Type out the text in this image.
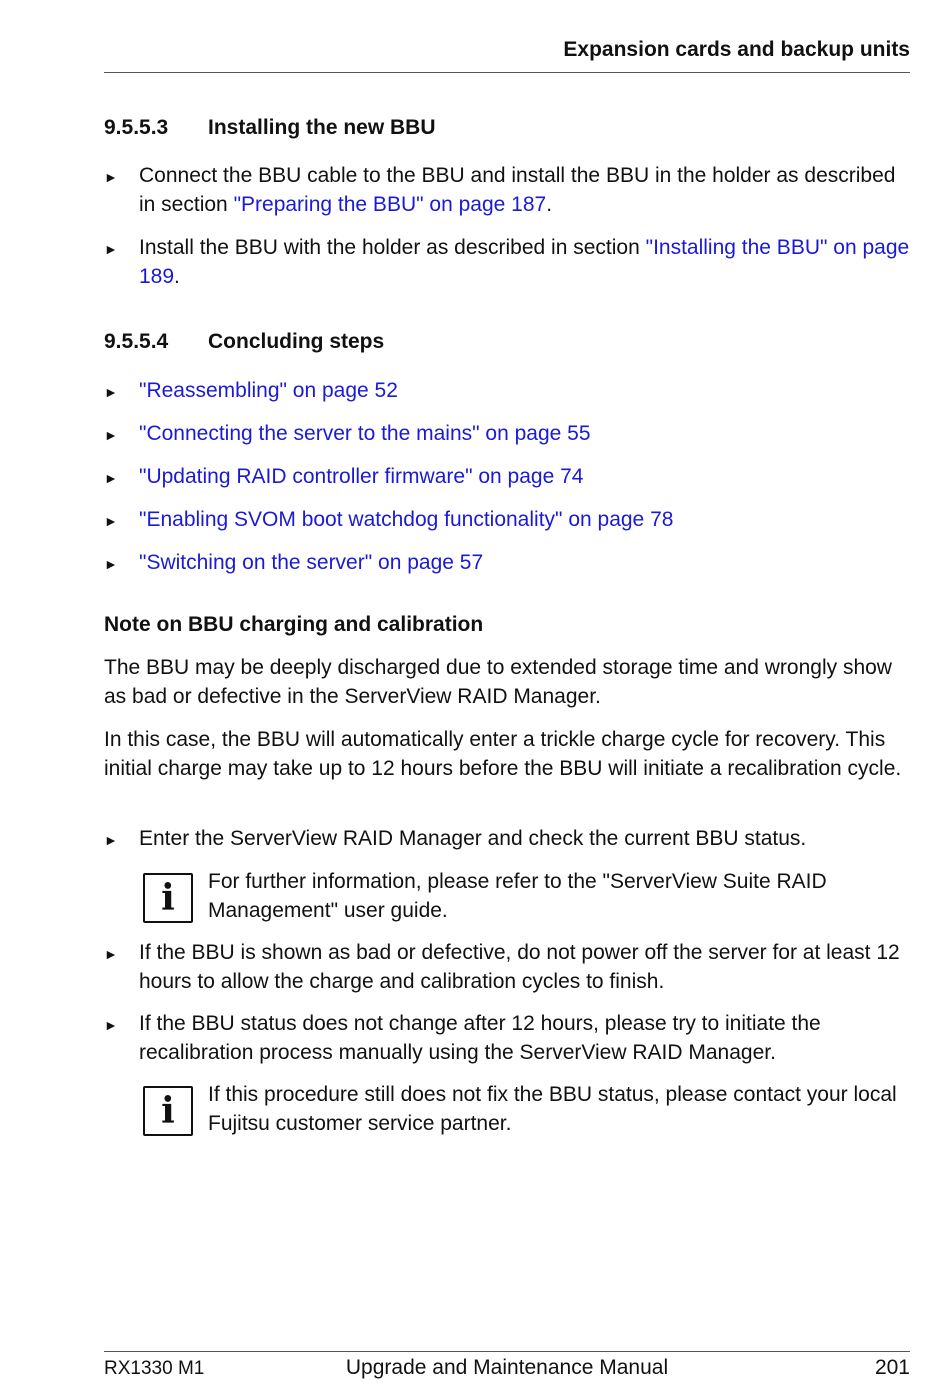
Expansion cards and backup units
9.5.5.3 Installing the new BBU
► Connect the BBU cable to the BBU and install the BBU in the holder as described in section "Preparing the BBU" on page 187.
► Install the BBU with the holder as described in section "Installing the BBU" on page 189.
9.5.5.4 Concluding steps
► "Reassembling" on page 52
► "Connecting the server to the mains" on page 55
► "Updating RAID controller firmware" on page 74
► "Enabling SVOM boot watchdog functionality" on page 78
► "Switching on the server" on page 57
Note on BBU charging and calibration
The BBU may be deeply discharged due to extended storage time and wrongly show as bad or defective in the ServerView RAID Manager.
In this case, the BBU will automatically enter a trickle charge cycle for recovery. This initial charge may take up to 12 hours before the BBU will initiate a recalibration cycle.
► Enter the ServerView RAID Manager and check the current BBU status.
i	For further information, please refer to the "ServerView Suite RAID Management" user guide.
► If the BBU is shown as bad or defective, do not power off the server for at least 12 hours to allow the charge and calibration cycles to finish.
► If the BBU status does not change after 12 hours, please try to initiate the recalibration process manually using the ServerView RAID Manager.
i	If this procedure still does not fix the BBU status, please contact your local Fujitsu customer service partner.
RX1330 M1	Upgrade and Maintenance Manual	201
